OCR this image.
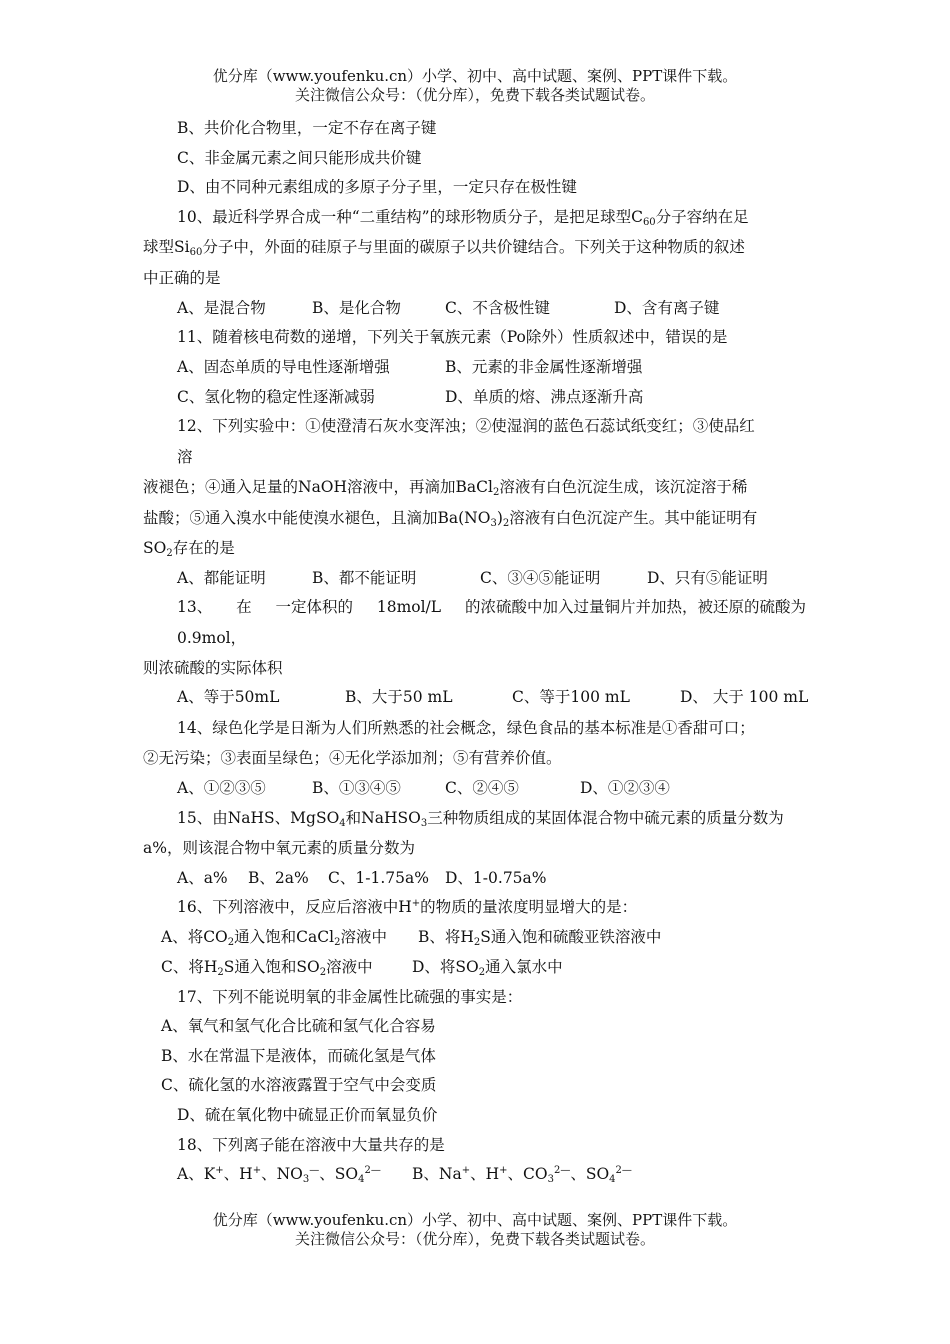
优分库（www.youfenku.cn）小学、初中、高中试题、案例、PPT课件下载。
关注微信公众号：（优分库），免费下载各类试题试卷。
B、共价化合物里，一定不存在离子键
C、非金属元素之间只能形成共价键
D、由不同种元素组成的多原子分子里，一定只存在极性键
10、最近科学界合成一种“二重结构”的球形物质分子，是把足球型$C_{60}$分子容纳在足
球型$Si_{60}$分子中，外面的硅原子与里面的碳原子以共价键结合。下列关于这种物质的叙述
中正确的是
A、是混合物	B、是化合物	C、不含极性键	D、含有离子键
11、随着核电荷数的递增，下列关于氧族元素（Po除外）性质叙述中，错误的是
A、固态单质的导电性逐渐增强	B、元素的非金属性逐渐增强
C、氢化物的稳定性逐渐减弱	D、单质的熔、沸点逐渐升高
12、下列实验中：①使澄清石灰水变浑浊；②使湿润的蓝色石蕊试纸变红；③使品红
溶
液褪色；④通入足量的NaOH溶液中，再滴加BaCl$_2$溶液有白色沉淀生成，该沉淀溶于稀
盐酸；⑤通入溴水中能使溴水褪色，且滴加$Ba(NO_3)_2$溶液有白色沉淀产生。其中能证明有
$SO_2$存在的是
A、都能证明	B、都不能证明	C、③④⑤能证明	D、只有⑤能证明
13、 在 一定体积的 18mol/L 的浓硫酸中加入过量铜片并加热，被还原的硫酸为
0.9mol，
则浓硫酸的实际体积
A、等于50mL	B、大于50 mL	C、等于100 mL	D、 大于 100 mL
14、绿色化学是日渐为人们所熟悉的社会概念，绿色食品的基本标准是①香甜可口；
②无污染；③表面呈绿色；④无化学添加剂；⑤有营养价值。
A、①②③⑤	B、①③④⑤	C、②④⑤	D、①②③④
15、由NaHS、MgSO$_4$和NaHSO$_3$三种物质组成的某固体混合物中硫元素的质量分数为
a%，则该混合物中氧元素的质量分数为
A、a% B、2a% C、1-1.75a% D、1-0.75a%
16、下列溶液中，反应后溶液中H+的物质的量浓度明显增大的是：
A、将$CO_2$通入饱和CaCl$_2$溶液中 B、将$H_2S$通入饱和硫酸亚铁溶液中
C、将$H_2S$通入饱和$SO_2$溶液中	D、将$SO_2$通入氯水中
17、下列不能说明氧的非金属性比硫强的事实是：
A、氧气和氢气化合比硫和氢气化合容易
B、水在常温下是液体，而硫化氢是气体
C、硫化氢的水溶液露置于空气中会变质
D、硫在氧化物中硫显正价而氧显负价
18、下列离子能在溶液中大量共存的是
A、K+、H+、$NO_3^—$、$SO_4^{2—}$ B、Na+、H+、$CO_3^{2—}$、$SO_4^{2—}$
优分库（www.youfenku.cn）小学、初中、高中试题、案例、PPT课件下载。
关注微信公众号：（优分库），免费下载各类试题试卷。
